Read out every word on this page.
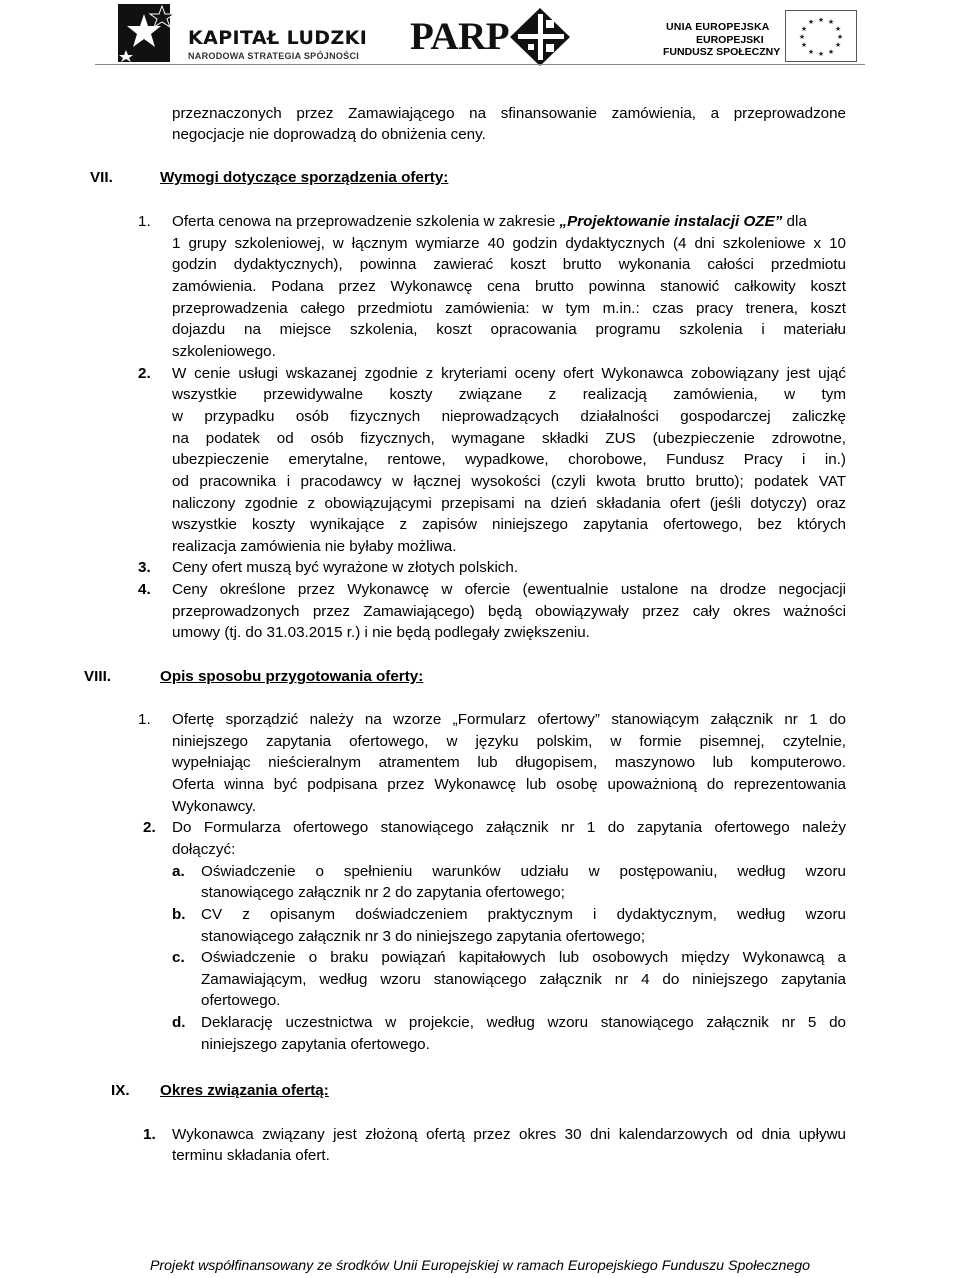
KAPITAŁ LUDZKI
NARODOWA STRATEGIA SPÓJNOŚCI PARP	UNIA EUROPEJSKA
EUROPEJSKI
FUNDUSZ SPOŁECZNY
★ ★
★
★
★
★
★
★
★
★
★
★
przeznaczonych przez Zamawiającego na sfinansowanie zamówienia, a przeprowadzone
negocjacje nie doprowadzą do obniżenia ceny.
VII.	Wymogi dotyczące sporządzenia oferty:
1. Oferta cenowa na przeprowadzenie szkolenia w zakresie „Projektowanie instalacji OZE” dla
1 grupy szkoleniowej, w łącznym wymiarze 40 godzin dydaktycznych (4 dni szkoleniowe x 10
godzin dydaktycznych), powinna zawierać koszt brutto wykonania całości przedmiotu
zamówienia. Podana przez Wykonawcę cena brutto powinna stanowić całkowity koszt
przeprowadzenia całego przedmiotu zamówienia: w tym m.in.: czas pracy trenera, koszt
dojazdu na miejsce szkolenia, koszt opracowania programu szkolenia i materiału
szkoleniowego.
2. W cenie usługi wskazanej zgodnie z kryteriami oceny ofert Wykonawca zobowiązany jest ująć
wszystkie przewidywalne koszty związane z realizacją zamówienia, w tym
w przypadku osób fizycznych nieprowadzących działalności gospodarczej zaliczkę
na podatek od osób fizycznych, wymagane składki ZUS (ubezpieczenie zdrowotne,
ubezpieczenie emerytalne, rentowe, wypadkowe, chorobowe, Fundusz Pracy i in.)
od pracownika i pracodawcy w łącznej wysokości (czyli kwota brutto brutto); podatek VAT
naliczony zgodnie z obowiązującymi przepisami na dzień składania ofert (jeśli dotyczy) oraz
wszystkie koszty wynikające z zapisów niniejszego zapytania ofertowego, bez których
realizacja zamówienia nie byłaby możliwa.
3. Ceny ofert muszą być wyrażone w złotych polskich.
4. Ceny określone przez Wykonawcę w ofercie (ewentualnie ustalone na drodze negocjacji
przeprowadzonych przez Zamawiającego) będą obowiązywały przez cały okres ważności
umowy (tj. do 31.03.2015 r.) i nie będą podlegały zwiększeniu.
VIII.	Opis sposobu przygotowania oferty:
1. Ofertę sporządzić należy na wzorze „Formularz ofertowy” stanowiącym załącznik nr 1 do
niniejszego zapytania ofertowego, w języku polskim, w formie pisemnej, czytelnie,
wypełniając nieścieralnym atramentem lub długopisem, maszynowo lub komputerowo.
Oferta winna być podpisana przez Wykonawcę lub osobę upoważnioną do reprezentowania
Wykonawcy.
2. Do Formularza ofertowego stanowiącego załącznik nr 1 do zapytania ofertowego należy
dołączyć:
a. Oświadczenie o spełnieniu warunków udziału w postępowaniu, według wzoru
stanowiącego załącznik nr 2 do zapytania ofertowego;
b. CV z opisanym doświadczeniem praktycznym i dydaktycznym, według wzoru
stanowiącego załącznik nr 3 do niniejszego zapytania ofertowego;
c. Oświadczenie o braku powiązań kapitałowych lub osobowych między Wykonawcą a
Zamawiającym, według wzoru stanowiącego załącznik nr 4 do niniejszego zapytania
ofertowego.
d. Deklarację uczestnictwa w projekcie, według wzoru stanowiącego załącznik nr 5 do
niniejszego zapytania ofertowego.
IX. Okres związania ofertą:
1. Wykonawca związany jest złożoną ofertą przez okres 30 dni kalendarzowych od dnia upływu
terminu składania ofert.
Projekt współfinansowany ze środków Unii Europejskiej w ramach Europejskiego Funduszu Społecznego
